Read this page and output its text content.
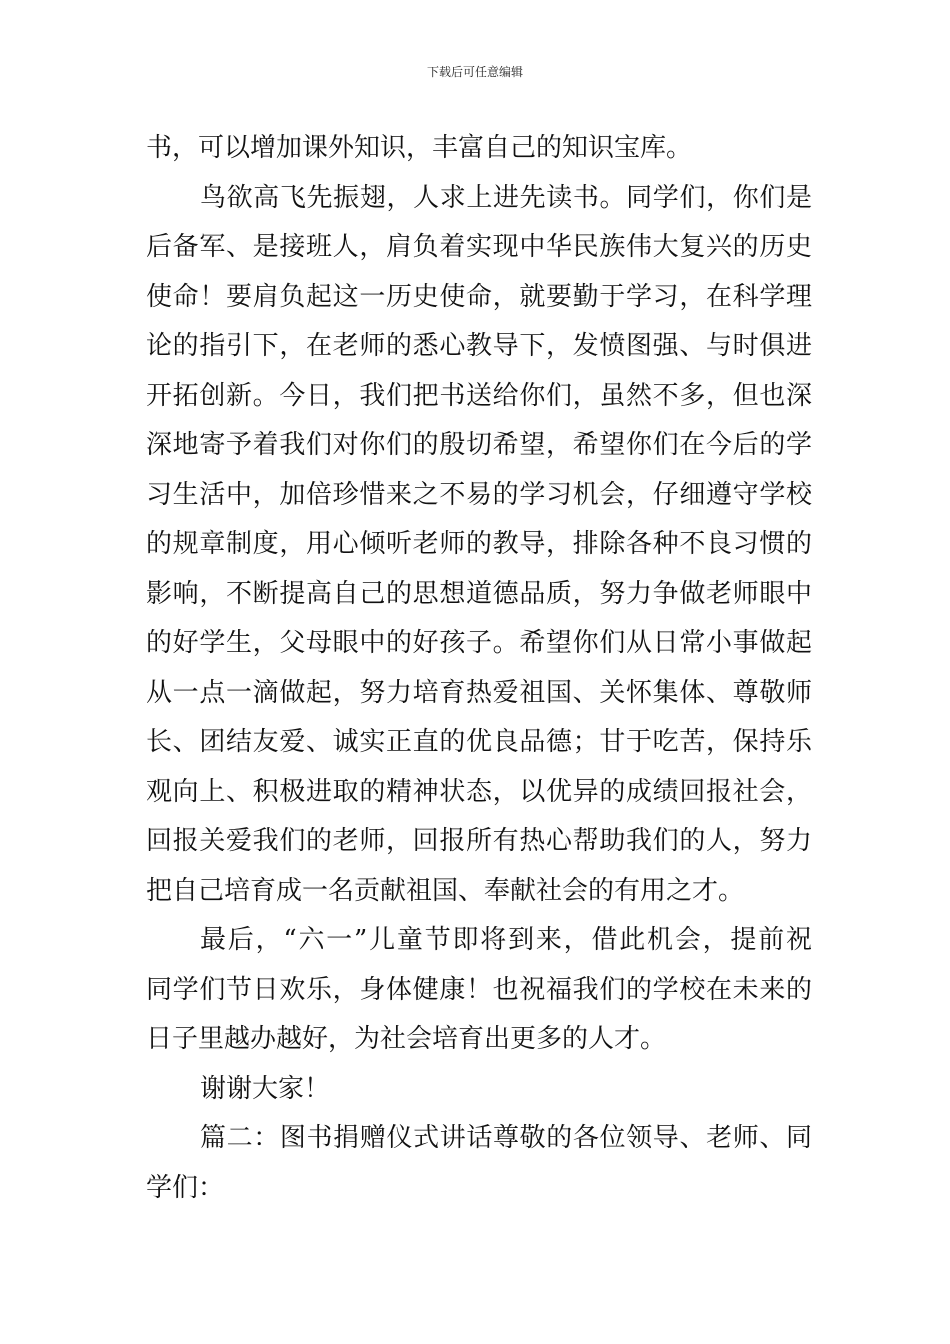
下载后可任意编辑
书，可以增加课外知识，丰富自己的知识宝库。
鸟欲高飞先振翅，人求上进先读书。同学们，你们是
后备军、是接班人，肩负着实现中华民族伟大复兴的历史
使命！要肩负起这一历史使命，就要勤于学习，在科学理
论的指引下，在老师的悉心教导下，发愤图强、与时俱进
开拓创新。今日，我们把书送给你们，虽然不多，但也深
深地寄予着我们对你们的殷切希望，希望你们在今后的学
习生活中，加倍珍惜来之不易的学习机会，仔细遵守学校
的规章制度，用心倾听老师的教导，排除各种不良习惯的
影响，不断提高自己的思想道德品质，努力争做老师眼中
的好学生，父母眼中的好孩子。希望你们从日常小事做起
从一点一滴做起，努力培育热爱祖国、关怀集体、尊敬师
长、团结友爱、诚实正直的优良品德；甘于吃苦，保持乐
观向上、积极进取的精神状态，以优异的成绩回报社会，
回报关爱我们的老师，回报所有热心帮助我们的人，努力
把自己培育成一名贡献祖国、奉献社会的有用之才。
最后，“六一”儿童节即将到来，借此机会，提前祝
同学们节日欢乐，身体健康！也祝福我们的学校在未来的
日子里越办越好，为社会培育出更多的人才。
谢谢大家！
篇二：图书捐赠仪式讲话尊敬的各位领导、老师、同
学们：
